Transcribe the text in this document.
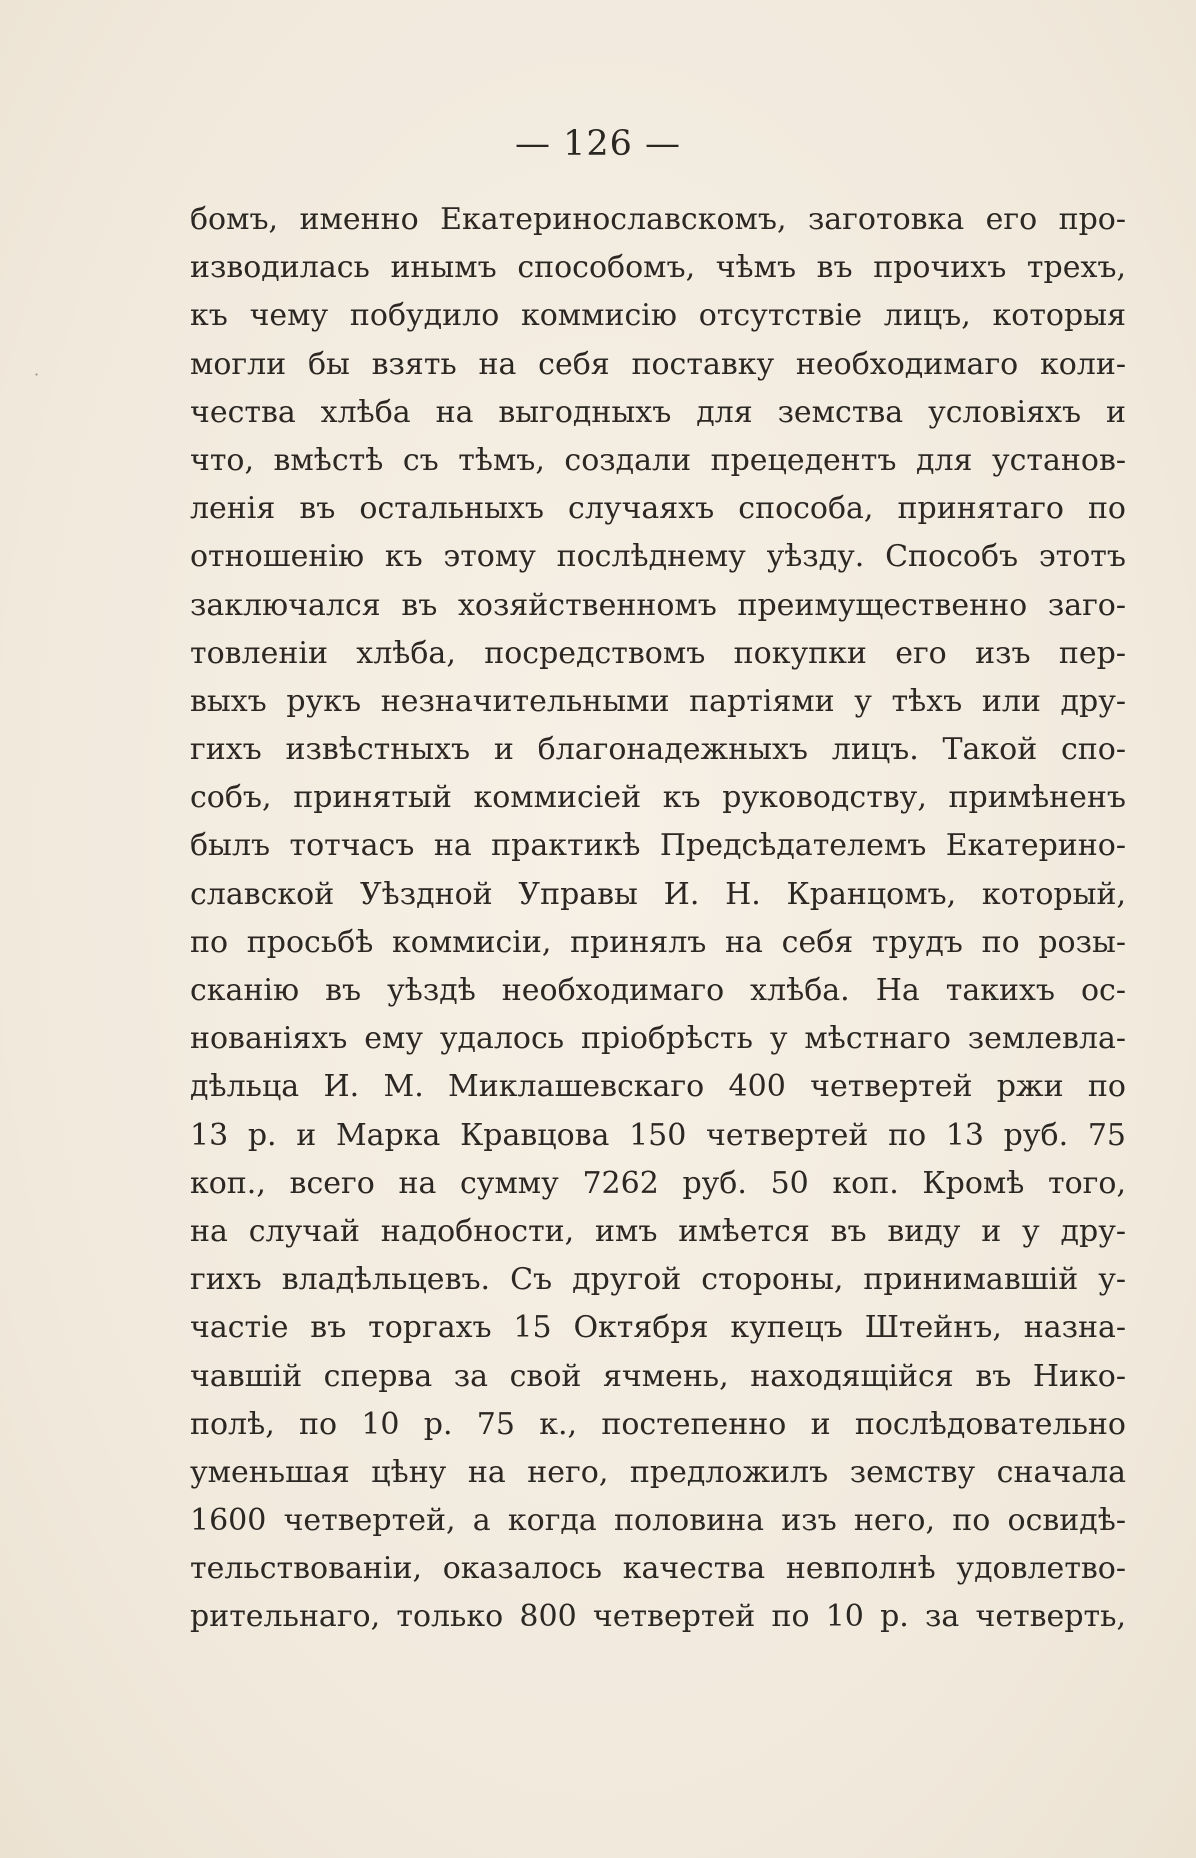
·
— 126 —
бомъ, именно Екатеринославскомъ, заготовка его про-
изводилась инымъ способомъ, чѣмъ въ прочихъ трехъ,
къ чему побудило коммисію отсутствіе лицъ, которыя
могли бы взять на себя поставку необходимаго коли-
чества хлѣба на выгодныхъ для земства условіяхъ и
что, вмѣстѣ съ тѣмъ, создали прецедентъ для установ-
ленія въ остальныхъ случаяхъ способа, принятаго по
отношенію къ этому послѣднему уѣзду. Способъ этотъ
заключался въ хозяйственномъ преимущественно заго-
товленіи хлѣба, посредствомъ покупки его изъ пер-
выхъ рукъ незначительными партіями у тѣхъ или дру-
гихъ извѣстныхъ и благонадежныхъ лицъ. Такой спо-
собъ, принятый коммисіей къ руководству, примѣненъ
былъ тотчасъ на практикѣ Предсѣдателемъ Екатерино-
славской Уѣздной Управы И. Н. Кранцомъ, который,
по просьбѣ коммисіи, принялъ на себя трудъ по розы-
сканію въ уѣздѣ необходимаго хлѣба. На такихъ ос-
нованіяхъ ему удалось пріобрѣсть у мѣстнаго землевла-
дѣльца И. М. Миклашевскаго 400 четвертей ржи по
13 р. и Марка Кравцова 150 четвертей по 13 руб. 75
коп., всего на сумму 7262 руб. 50 коп. Кромѣ того,
на случай надобности, имъ имѣется въ виду и у дру-
гихъ владѣльцевъ. Съ другой стороны, принимавшій у-
частіе въ торгахъ 15 Октября купецъ Штейнъ, назна-
чавшій сперва за свой ячмень, находящійся въ Нико-
полѣ, по 10 р. 75 к., постепенно и послѣдовательно
уменьшая цѣну на него, предложилъ земству сначала
1600 четвертей, а когда половина изъ него, по освидѣ-
тельствованіи, оказалось качества невполнѣ удовлетво-
рительнаго, только 800 четвертей по 10 р. за четверть,
